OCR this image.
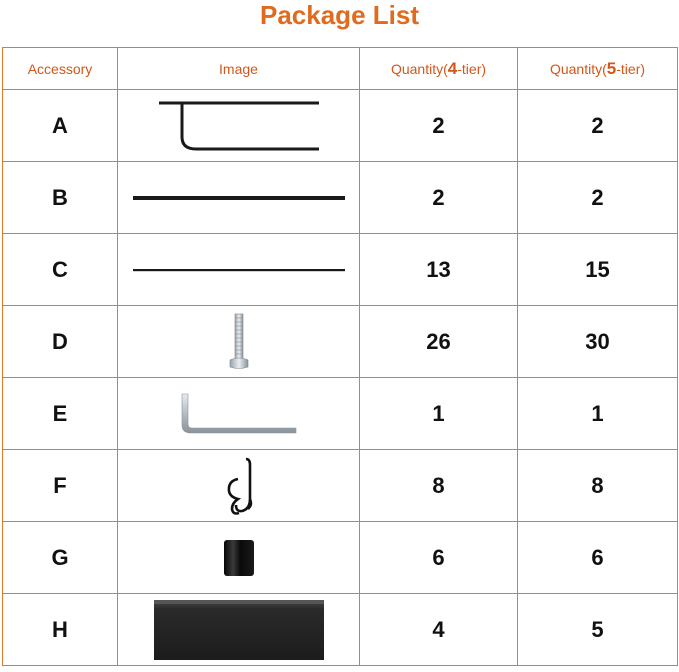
Package List
Accessory	Image	Quantity(4-tier)	Quantity(5-tier)
A		2	2
B		2	2
C		13	15
D		26	30
E		1	1
F		8	8
G		6	6
H		4	5
